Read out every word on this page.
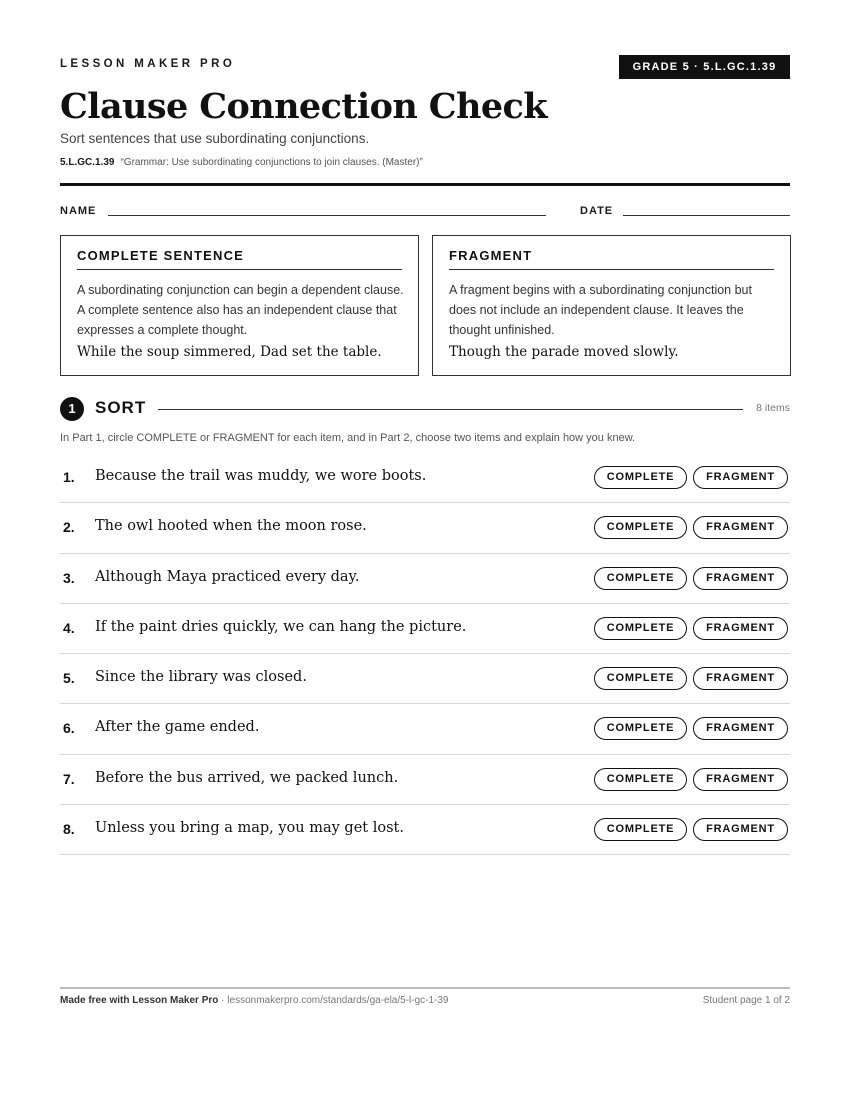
LESSON MAKER PRO	GRADE 5 · 5.L.GC.1.39
Clause Connection Check
Sort sentences that use subordinating conjunctions.
5.L.GC.1.39 “Grammar: Use subordinating conjunctions to join clauses. (Master)”
NAME	DATE
COMPLETE SENTENCE
A subordinating conjunction can begin a dependent clause. A complete sentence also has an independent clause that expresses a complete thought.
While the soup simmered, Dad set the table.
FRAGMENT
A fragment begins with a subordinating conjunction but does not include an independent clause. It leaves the thought unfinished.
Though the parade moved slowly.
1	SORT	8 items
In Part 1, circle COMPLETE or FRAGMENT for each item, and in Part 2, choose two items and explain how you knew.
1. Because the trail was muddy, we wore boots.	COMPLETE	FRAGMENT
2. The owl hooted when the moon rose.	COMPLETE	FRAGMENT
3. Although Maya practiced every day.	COMPLETE	FRAGMENT
4. If the paint dries quickly, we can hang the picture.	COMPLETE	FRAGMENT
5. Since the library was closed.	COMPLETE	FRAGMENT
6. After the game ended.	COMPLETE	FRAGMENT
7. Before the bus arrived, we packed lunch.	COMPLETE	FRAGMENT
8. Unless you bring a map, you may get lost.	COMPLETE	FRAGMENT
Made free with Lesson Maker Pro · lessonmakerpro.com/standards/ga-ela/5-l-gc-1-39	Student page 1 of 2
